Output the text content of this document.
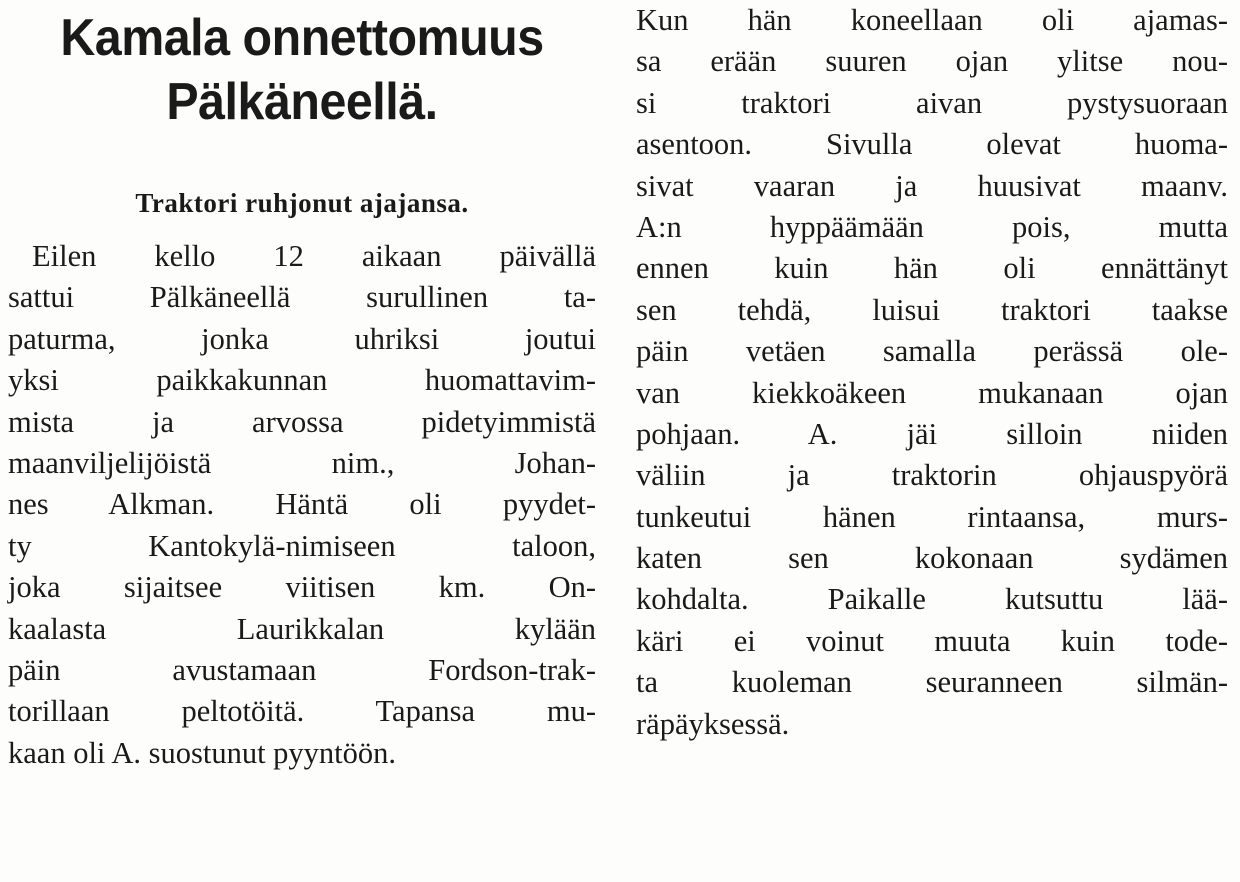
Kamala onnettomuus
Pälkäneellä.
Traktori ruhjonut ajajansa.
Eilen kello 12 aikaan päivällä
sattui Pälkäneellä surullinen ta-
paturma, jonka uhriksi joutui
yksi paikkakunnan huomattavim-
mista ja arvossa pidetyimmistä
maanviljelijöistä nim., Johan-
nes Alkman. Häntä oli pyydet-
ty Kantokylä-nimiseen taloon,
joka sijaitsee viitisen km. On-
kaalasta Laurikkalan kylään
päin avustamaan Fordson-trak-
torillaan peltotöitä. Tapansa mu-
kaan oli A. suostunut pyyntöön.
Kun hän koneellaan oli ajamas-
sa erään suuren ojan ylitse nou-
si traktori aivan pystysuoraan
asentoon. Sivulla olevat huoma-
sivat vaaran ja huusivat maanv.
A:n hyppäämään pois, mutta
ennen kuin hän oli ennättänyt
sen tehdä, luisui traktori taakse
päin vetäen samalla perässä ole-
van kiekkoäkeen mukanaan ojan
pohjaan. A. jäi silloin niiden
väliin ja traktorin ohjauspyörä
tunkeutui hänen rintaansa, murs-
katen sen kokonaan sydämen
kohdalta. Paikalle kutsuttu lää-
käri ei voinut muuta kuin tode-
ta kuoleman seuranneen silmän-
räpäyksessä.
